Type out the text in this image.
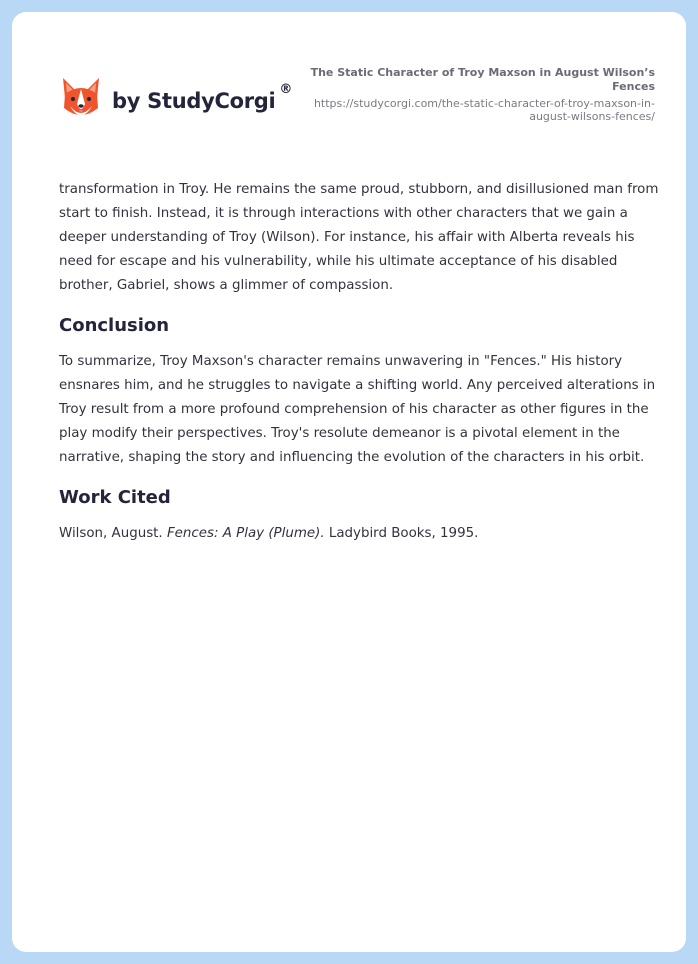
by StudyCorgi ®
The Static Character of Troy Maxson in August Wilson’s Fences
https://studycorgi.com/the-static-character-of-troy-maxson-in-august-wilsons-fences/

transformation in Troy. He remains the same proud, stubborn, and disillusioned man from start to finish. Instead, it is through interactions with other characters that we gain a deeper understanding of Troy (Wilson). For instance, his affair with Alberta reveals his need for escape and his vulnerability, while his ultimate acceptance of his disabled brother, Gabriel, shows a glimmer of compassion.

Conclusion

To summarize, Troy Maxson's character remains unwavering in "Fences." His history ensnares him, and he struggles to navigate a shifting world. Any perceived alterations in Troy result from a more profound comprehension of his character as other figures in the play modify their perspectives. Troy's resolute demeanor is a pivotal element in the narrative, shaping the story and influencing the evolution of the characters in his orbit.

Work Cited

Wilson, August. Fences: A Play (Plume). Ladybird Books, 1995.
